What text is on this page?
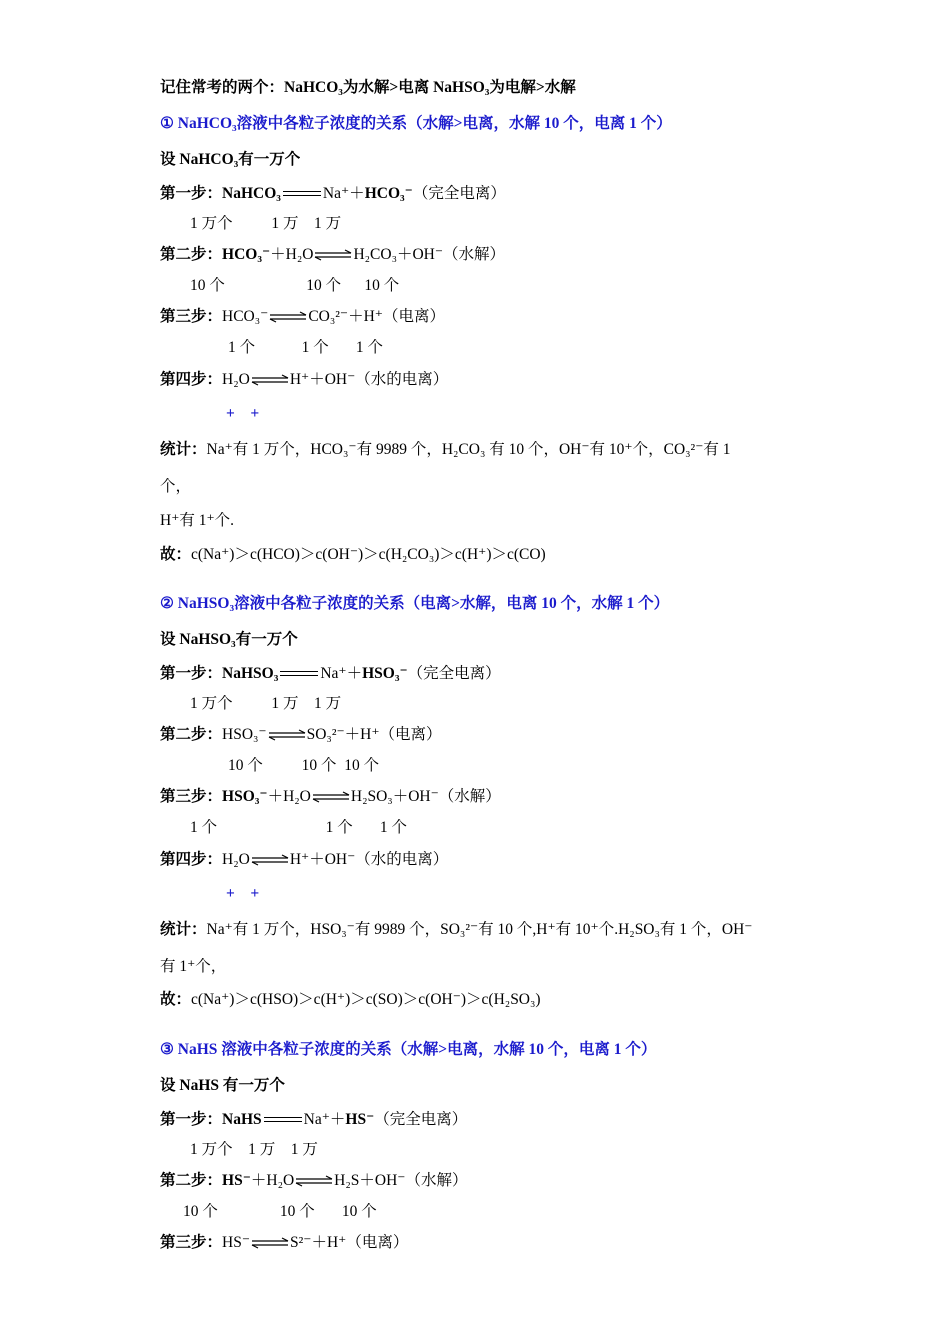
记住常考的两个：NaHCO₃为水解>电离 NaHSO₃为电解>水解
① NaHCO₃溶液中各粒子浓度的关系（水解>电离，水解 10 个，电离 1 个）
设 NaHCO₃有一万个
第一步：NaHCO₃	Na⁺＋HCO₃⁻（完全电离）
1 万个          1 万    1 万
第二步：HCO₃⁻＋H₂O⇌H₂CO₃＋OH⁻（水解）
10 个                     10 个      10 个
第三步：HCO₃⁻⇌CO₃²⁻＋H⁺（电离）
1 个            1 个       1 个
第四步：H₂O⇌H⁺＋OH⁻（水的电离）
+    +
统计：Na⁺有 1 万个，HCO₃⁻有 9989 个，H₂CO₃ 有 10 个，OH⁻有 10⁺个，CO₃²⁻有 1
个，
H⁺有 1⁺个.
故：c(Na⁺)＞c(HCO)＞c(OH⁻)＞c(H₂CO₃)＞c(H⁺)＞c(CO)
② NaHSO₃溶液中各粒子浓度的关系（电离>水解，电离 10 个，水解 1 个）
设 NaHSO₃有一万个
第一步：NaHSO₃	Na⁺＋HSO₃⁻（完全电离）
1 万个          1 万    1 万
第二步：HSO₃⁻⇌SO₃²⁻＋H⁺（电离）
10 个          10 个  10 个
第三步：HSO₃⁻＋H₂O⇌H₂SO₃＋OH⁻（水解）
1 个                            1 个       1 个
第四步：H₂O⇌H⁺＋OH⁻（水的电离）
+    +
统计：Na⁺有 1 万个，HSO₃⁻有 9989 个，SO₃²⁻有 10 个,H⁺有 10⁺个.H₂SO₃有 1 个，OH⁻
有 1⁺个，
故：c(Na⁺)＞c(HSO)＞c(H⁺)＞c(SO)＞c(OH⁻)＞c(H₂SO₃)
③ NaHS 溶液中各粒子浓度的关系（水解>电离，水解 10 个，电离 1 个）
设 NaHS 有一万个
第一步：NaHS	Na⁺＋HS⁻（完全电离）
1 万个    1 万    1 万
第二步：HS⁻＋H₂O⇌H₂S＋OH⁻（水解）
10 个                10 个       10 个
第三步：HS⁻⇌S²⁻＋H⁺（电离）
